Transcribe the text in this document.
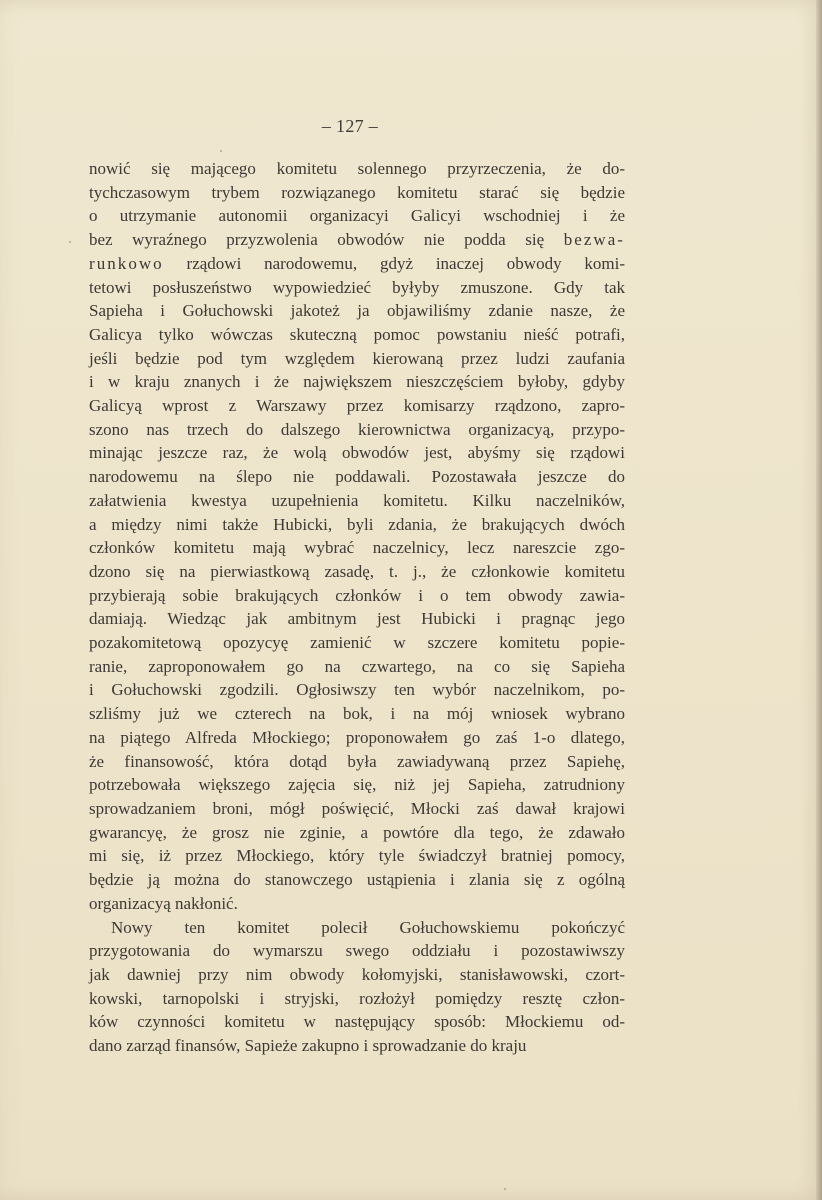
– 127 –
nowić się mającego komitetu solennego przyrzeczenia, że do-
tychczasowym trybem rozwiązanego komitetu starać się będzie
o utrzymanie autonomii organizacyi Galicyi wschodniej i że
bez wyraźnego przyzwolenia obwodów nie podda się bezwa-
runkowo rządowi narodowemu, gdyż inaczej obwody komi-
tetowi posłuszeństwo wypowiedzieć byłyby zmuszone. Gdy tak
Sapieha i Gołuchowski jakoteż ja objawiliśmy zdanie nasze, że
Galicya tylko wówczas skuteczną pomoc powstaniu nieść potrafi,
jeśli będzie pod tym względem kierowaną przez ludzi zaufania
i w kraju znanych i że największem nieszczęściem byłoby, gdyby
Galicyą wprost z Warszawy przez komisarzy rządzono, zapro-
szono nas trzech do dalszego kierownictwa organizacyą, przypo-
minając jeszcze raz, że wolą obwodów jest, abyśmy się rządowi
narodowemu na ślepo nie poddawali. Pozostawała jeszcze do
załatwienia kwestya uzupełnienia komitetu. Kilku naczelników,
a między nimi także Hubicki, byli zdania, że brakujących dwóch
członków komitetu mają wybrać naczelnicy, lecz nareszcie zgo-
dzono się na pierwiastkową zasadę, t. j., że członkowie komitetu
przybierają sobie brakujących członków i o tem obwody zawia-
damiają. Wiedząc jak ambitnym jest Hubicki i pragnąc jego
pozakomitetową opozycyę zamienić w szczere komitetu popie-
ranie, zaproponowałem go na czwartego, na co się Sapieha
i Gołuchowski zgodzili. Ogłosiwszy ten wybór naczelnikom, po-
szliśmy już we czterech na bok, i na mój wniosek wybrano
na piątego Alfreda Młockiego; proponowałem go zaś 1-o dlatego,
że finansowość, która dotąd była zawiadywaną przez Sapiehę,
potrzebowała większego zajęcia się, niż jej Sapieha, zatrudniony
sprowadzaniem broni, mógł poświęcić, Młocki zaś dawał krajowi
gwarancyę, że grosz nie zginie, a powtóre dla tego, że zdawało
mi się, iż przez Młockiego, który tyle świadczył bratniej pomocy,
będzie ją można do stanowczego ustąpienia i zlania się z ogólną
organizacyą nakłonić.
Nowy ten komitet polecił Gołuchowskiemu pokończyć
przygotowania do wymarszu swego oddziału i pozostawiwszy
jak dawniej przy nim obwody kołomyjski, stanisławowski, czort-
kowski, tarnopolski i stryjski, rozłożył pomiędzy resztę człon-
ków czynności komitetu w następujący sposób: Młockiemu od-
dano zarząd finansów, Sapieże zakupno i sprowadzanie do kraju
